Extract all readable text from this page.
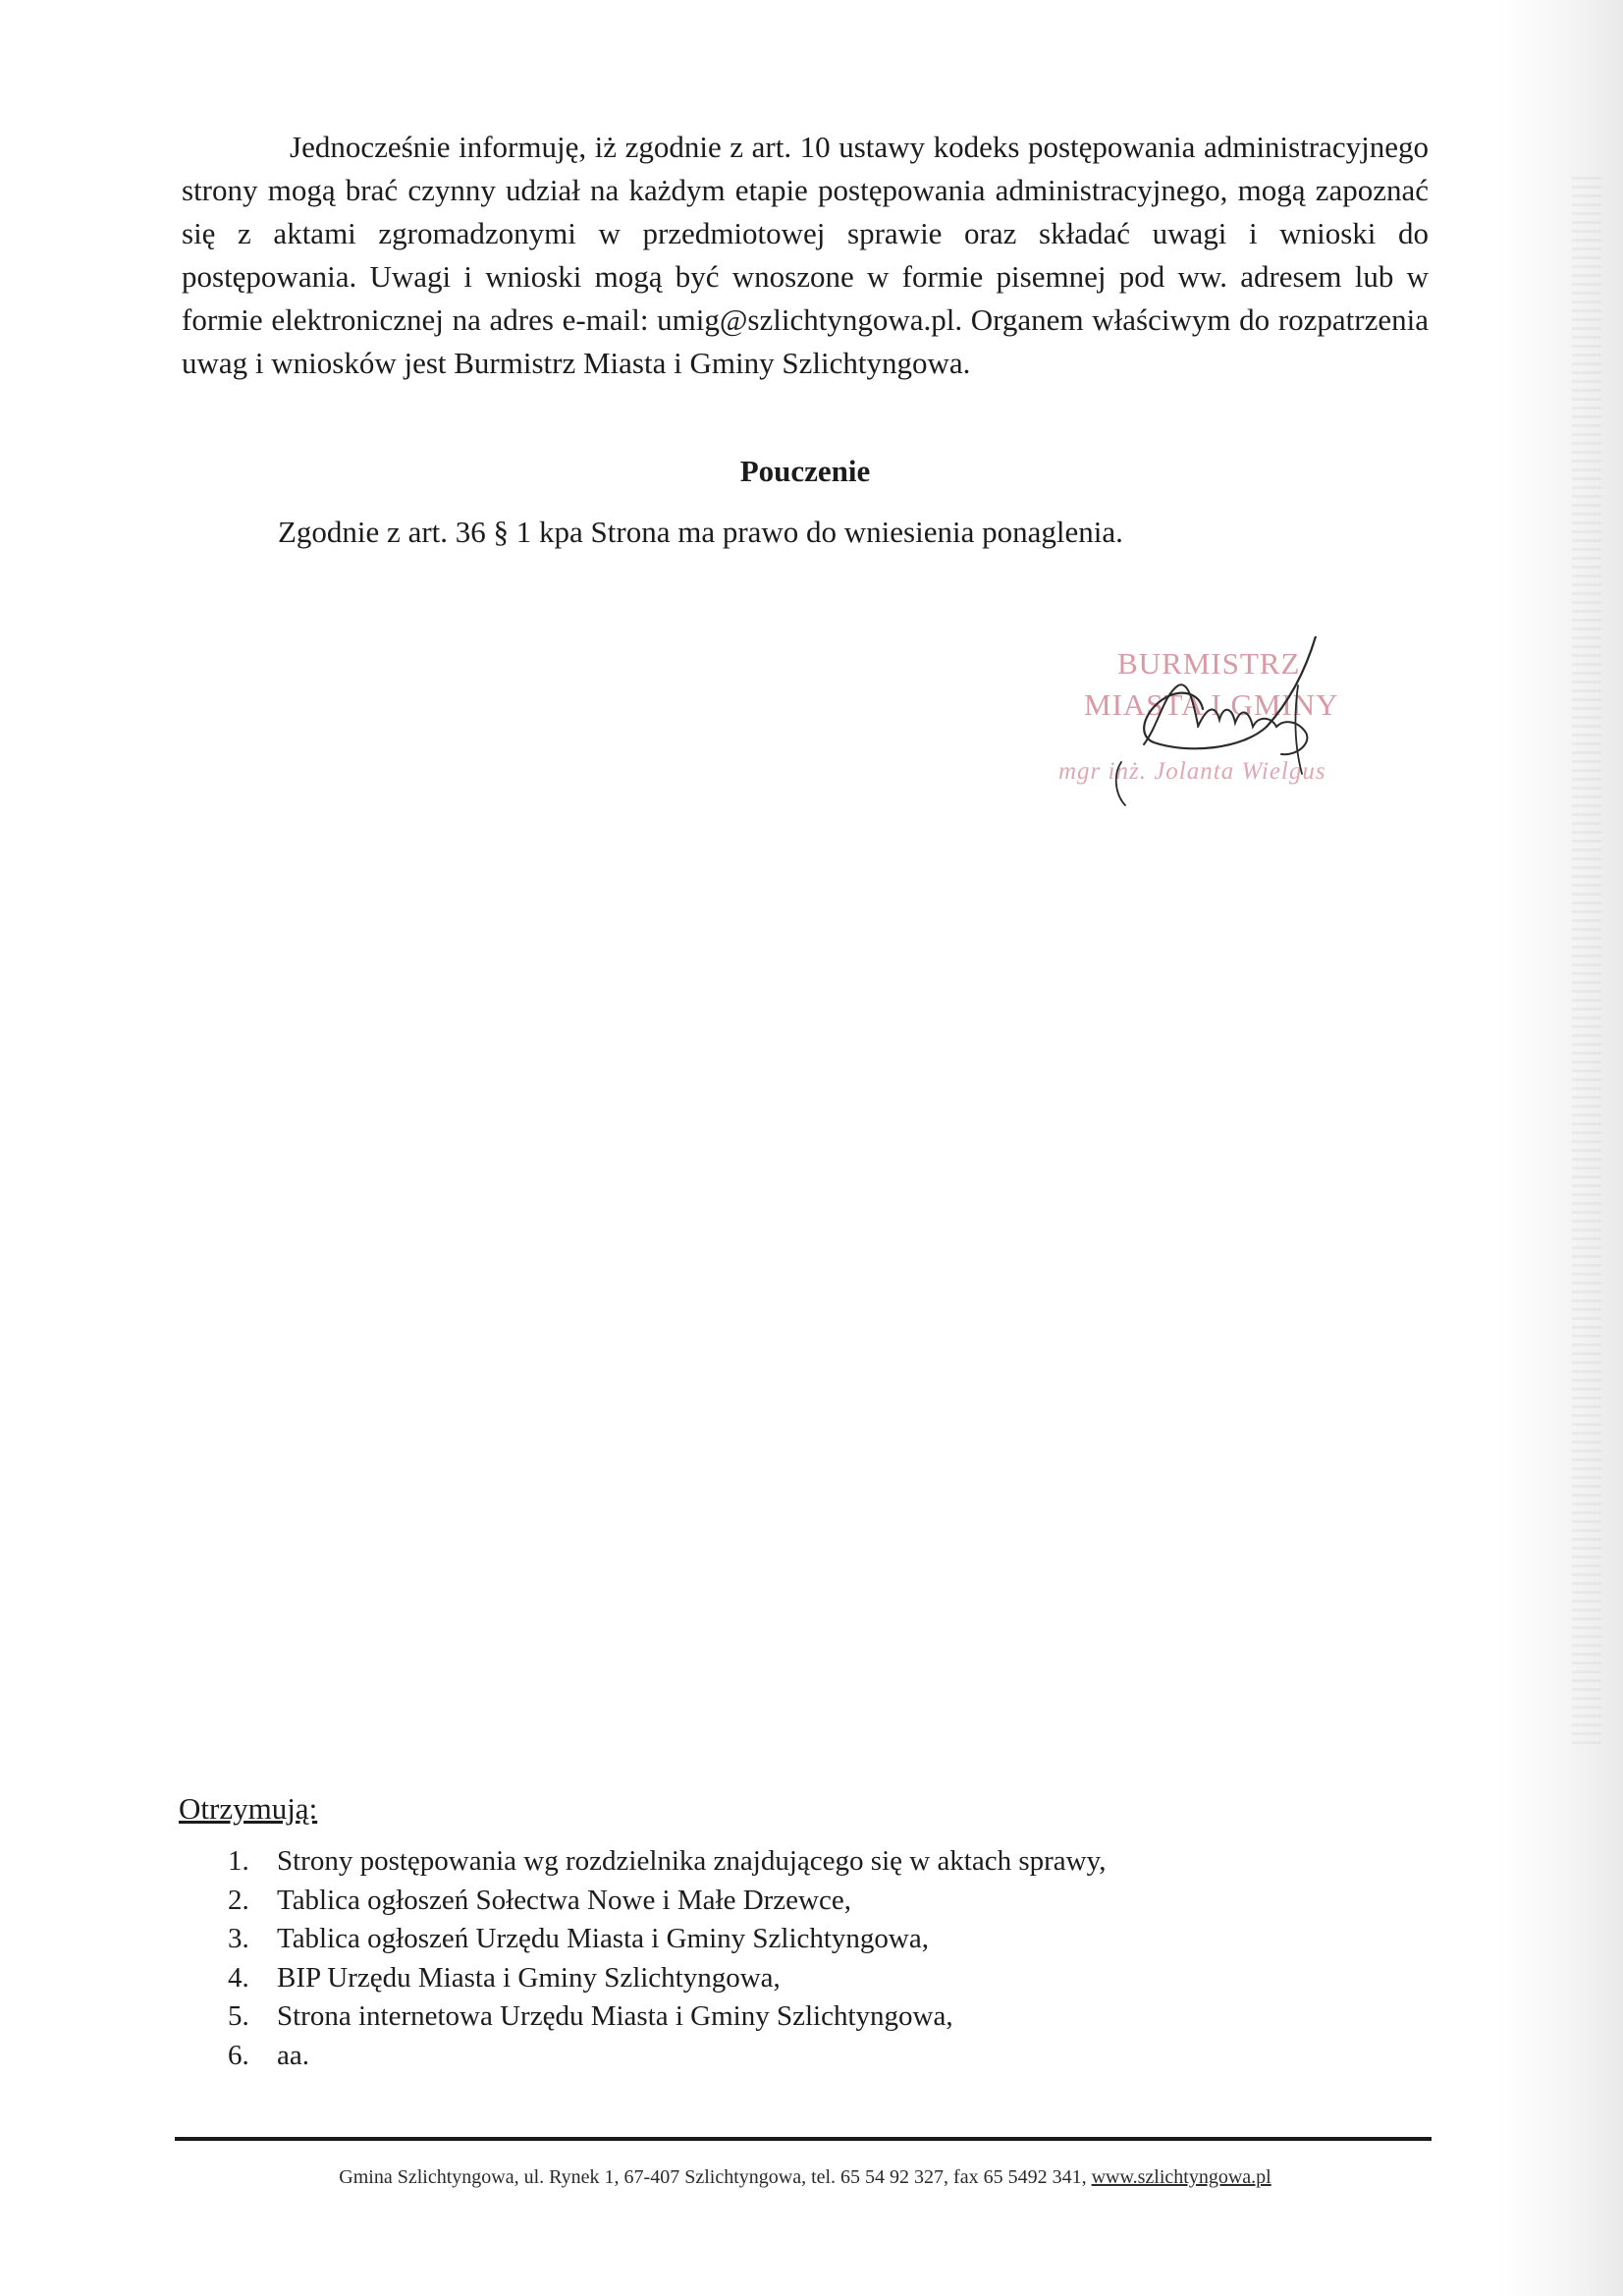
Jednocześnie informuję, iż zgodnie z art. 10 ustawy kodeks postępowania administracyjnego strony mogą brać czynny udział na każdym etapie postępowania administracyjnego, mogą zapoznać się z aktami zgromadzonymi w przedmiotowej sprawie oraz składać uwagi i wnioski do postępowania. Uwagi i wnioski mogą być wnoszone w formie pisemnej pod ww. adresem lub w formie elektronicznej na adres e-mail: umig@szlichtyngowa.pl. Organem właściwym do rozpatrzenia uwag i wniosków jest Burmistrz Miasta i Gminy Szlichtyngowa.

Pouczenie

Zgodnie z art. 36 § 1 kpa Strona ma prawo do wniesienia ponaglenia.

BURMISTRZ
MIASTA I GMINY
mgr inż. Jolanta Wielgus

Otrzymują:

1. Strony postępowania wg rozdzielnika znajdującego się w aktach sprawy,
2. Tablica ogłoszeń Sołectwa Nowe i Małe Drzewce,
3. Tablica ogłoszeń Urzędu Miasta i Gminy Szlichtyngowa,
4. BIP Urzędu Miasta i Gminy Szlichtyngowa,
5. Strona internetowa Urzędu Miasta i Gminy Szlichtyngowa,
6. aa.

Gmina Szlichtyngowa, ul. Rynek 1, 67-407 Szlichtyngowa, tel. 65 54 92 327, fax 65 5492 341, www.szlichtyngowa.pl
